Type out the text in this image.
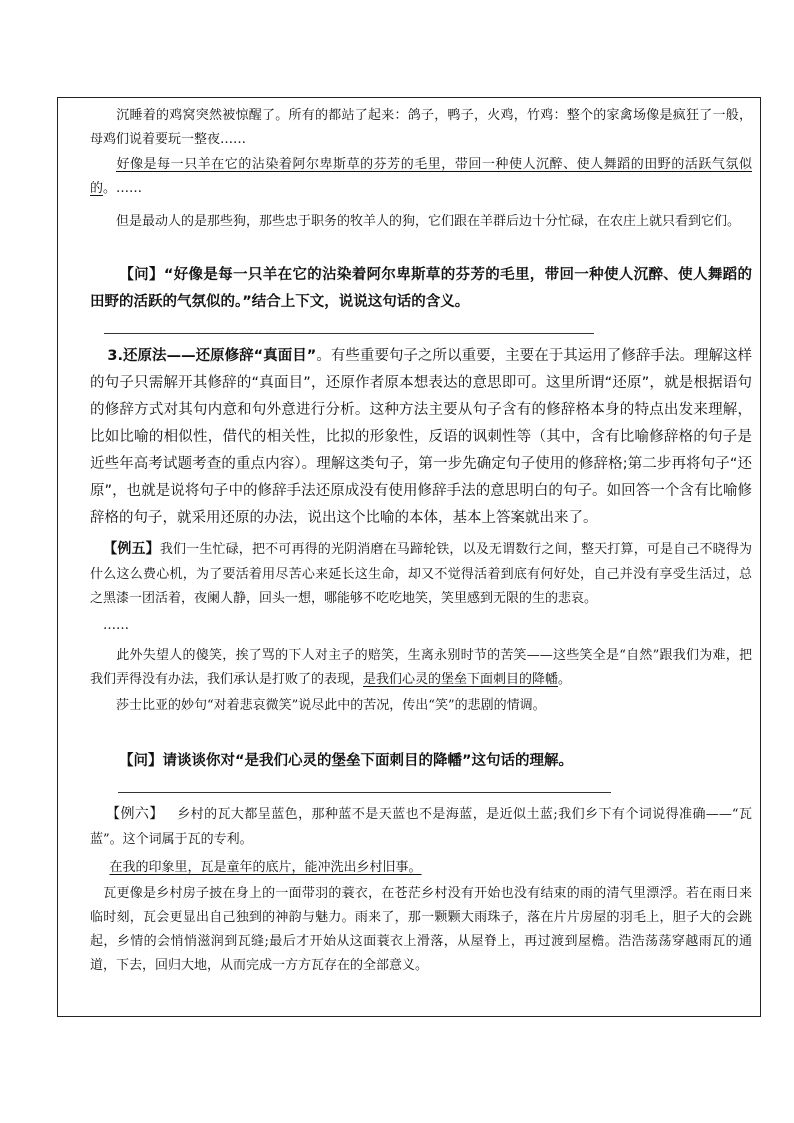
沉睡着的鸡窝突然被惊醒了。所有的都站了起来：鸽子，鸭子，火鸡，竹鸡：整个的家禽场像是疯狂了一般，母鸡们说着要玩一整夜……
好像是每一只羊在它的沾染着阿尔卑斯草的芬芳的毛里，带回一种使人沉醉、使人舞蹈的田野的活跃气氛似的。……
但是最动人的是那些狗，那些忠于职务的牧羊人的狗，它们跟在羊群后边十分忙碌，在农庄上就只看到它们。
【问】“好像是每一只羊在它的沾染着阿尔卑斯草的芬芳的毛里，带回一种使人沉醉、使人舞蹈的田野的活跃的气氛似的。”结合上下文，说说这句话的含义。
3.还原法——还原修辞“真面目”。有些重要句子之所以重要，主要在于其运用了修辞手法。理解这样的句子只需解开其修辞的“真面目”，还原作者原本想表达的意思即可。这里所谓“还原”，就是根据语句的修辞方式对其句内意和句外意进行分析。这种方法主要从句子含有的修辞格本身的特点出发来理解，比如比喻的相似性，借代的相关性，比拟的形象性，反语的讽刺性等（其中，含有比喻修辞格的句子是近些年高考试题考查的重点内容）。理解这类句子，第一步先确定句子使用的修辞格;第二步再将句子“还原”，也就是说将句子中的修辞手法还原成没有使用修辞手法的意思明白的句子。如回答一个含有比喻修辞格的句子，就采用还原的办法，说出这个比喻的本体，基本上答案就出来了。
【例五】我们一生忙碌，把不可再得的光阴消磨在马蹄轮铁，以及无谓数行之间，整天打算，可是自己不晓得为什么这么费心机，为了要活着用尽苦心来延长这生命，却又不觉得活着到底有何好处，自己并没有享受生活过，总之黑漆一团活着，夜阑人静，回头一想，哪能够不吃吃地笑，笑里感到无限的生的悲哀。
……
此外失望人的傻笑，挨了骂的下人对主子的赔笑，生离永别时节的苦笑——这些笑全是“自然”跟我们为难，把我们弄得没有办法，我们承认是打败了的表现，是我们心灵的堡垒下面刺目的降幡。
莎士比亚的妙句“对着悲哀微笑”说尽此中的苦况，传出“笑”的悲剧的情调。
【问】请谈谈你对“是我们心灵的堡垒下面刺目的降幡”这句话的理解。
【例六】 乡村的瓦大都呈蓝色，那种蓝不是天蓝也不是海蓝，是近似土蓝;我们乡下有个词说得准确——“瓦蓝”。这个词属于瓦的专利。
在我的印象里，瓦是童年的底片，能冲洗出乡村旧事。
瓦更像是乡村房子披在身上的一面带羽的蓑衣，在苍茫乡村没有开始也没有结束的雨的清气里漂浮。若在雨日来临时刻，瓦会更显出自己独到的神韵与魅力。雨来了，那一颗颗大雨珠子，落在片片房屋的羽毛上，胆子大的会跳起，乡情的会悄悄滋润到瓦缝;最后才开始从这面蓑衣上滑落，从屋脊上，再过渡到屋檐。浩浩荡荡穿越雨瓦的通道，下去，回归大地，从而完成一方方瓦存在的全部意义。
